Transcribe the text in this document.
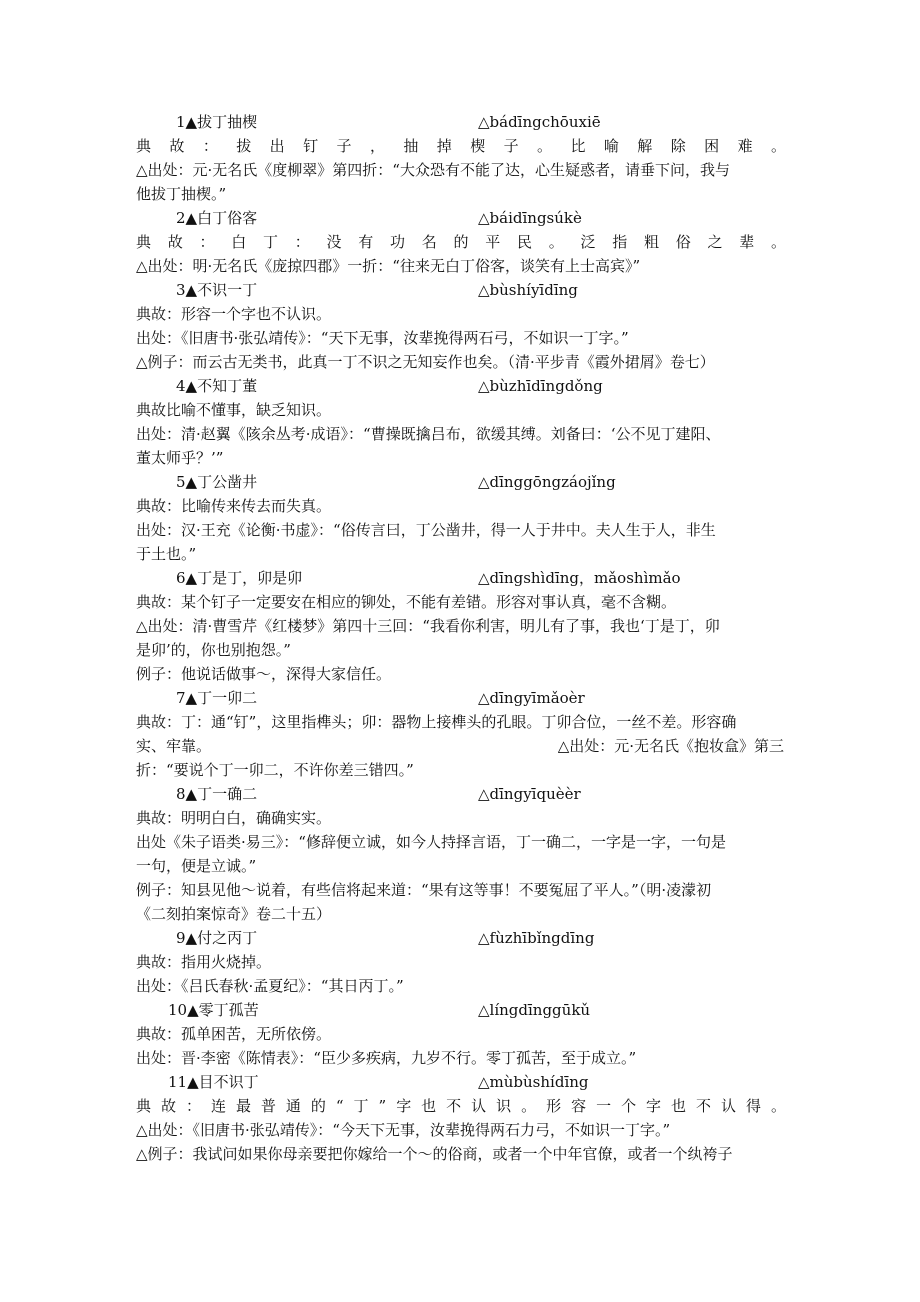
1▲拔丁抽楔	△bádīngchōuxiē
典故：拔出钉子，抽掉楔子。比喻解除困难。
△出处：元·无名氏《度柳翠》第四折：“大众恐有不能了达，心生疑惑者，请垂下问，我与
他拔丁抽楔。”
2▲白丁俗客	△báidīngsúkè
典故：白丁：没有功名的平民。泛指粗俗之辈。
△出处：明·无名氏《庞掠四郡》一折：“往来无白丁俗客，谈笑有上士高宾》”
3▲不识一丁	△bùshíyīdīng
典故：形容一个字也不认识。
出处：《旧唐书·张弘靖传》：“天下无事，汝辈挽得两石弓，不如识一丁字。”
△例子：而云古无类书，此真一丁不识之无知妄作也矣。（清·平步青《霞外捃屑》卷七）
4▲不知丁董	△bùzhīdīngdǒng
典故比喻不懂事，缺乏知识。
出处：清·赵翼《陔余丛考·成语》：“曹操既擒吕布，欲缓其缚。刘备曰：‘公不见丁建阳、
董太师乎？’”
5▲丁公凿井	△dīnggōngzáojǐng
典故：比喻传来传去而失真。
出处：汉·王充《论衡·书虚》：“俗传言曰，丁公凿井，得一人于井中。夫人生于人，非生
于土也。”
6▲丁是丁，卯是卯	△dīngshìdīng，mǎoshìmǎo
典故：某个钉子一定要安在相应的铆处，不能有差错。形容对事认真，毫不含糊。
△出处：清·曹雪芹《红楼梦》第四十三回：“我看你利害，明儿有了事，我也‘丁是丁，卯
是卯’的，你也别抱怨。”
例子：他说话做事～，深得大家信任。
7▲丁一卯二	△dīngyīmǎoèr
典故：丁：通“钉”，这里指榫头；卯：器物上接榫头的孔眼。丁卯合位，一丝不差。形容确
实、牢靠。	△出处：元·无名氏《抱妆盒》第三
折：“要说个丁一卯二，不许你差三错四。”
8▲丁一确二	△dīngyīquèèr
典故：明明白白，确确实实。
出处《朱子语类·易三》：“修辞便立诚，如今人持择言语，丁一确二，一字是一字，一句是
一句，便是立诚。”
例子：知县见他～说着，有些信将起来道：“果有这等事！不要冤屈了平人。”（明·凌濛初
《二刻拍案惊奇》卷二十五）
9▲付之丙丁	△fùzhībǐngdīng
典故：指用火烧掉。
出处：《吕氏春秋·孟夏纪》：“其日丙丁。”
10▲零丁孤苦	△língdīnggūkǔ
典故：孤单困苦，无所依傍。
出处：晋·李密《陈情表》：“臣少多疾病，九岁不行。零丁孤苦，至于成立。”
11▲目不识丁	△mùbùshídīng
典故：连最普通的“丁”字也不认识。形容一个字也不认得。
△出处：《旧唐书·张弘靖传》：“今天下无事，汝辈挽得两石力弓，不如识一丁字。”
△例子：我试问如果你母亲要把你嫁给一个～的俗商，或者一个中年官僚，或者一个纨袴子
